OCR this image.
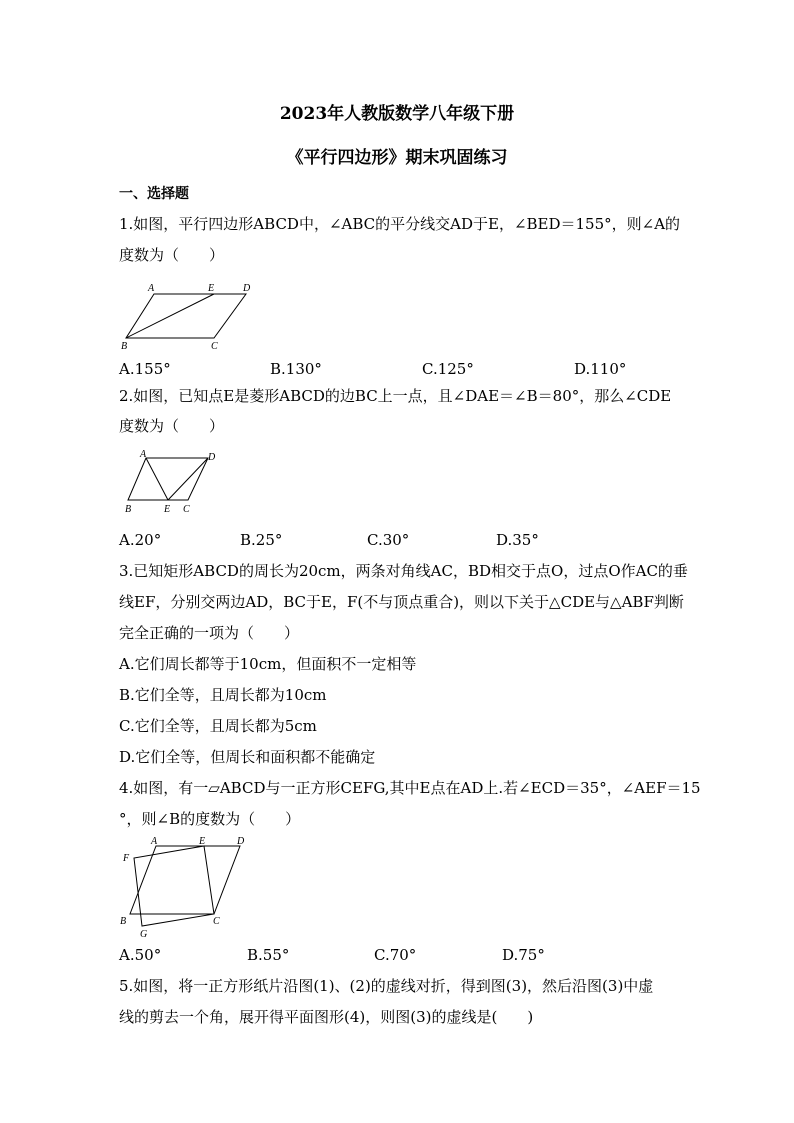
2023年人教版数学八年级下册
《平行四边形》期末巩固练习
一、选择题
1.如图，平行四边形ABCD中，∠ABC的平分线交AD于E，∠BED＝155°，则∠A的
度数为（　　）
A	E	D
B	C
A.155°	B.130°	C.125°	D.110°
2.如图，已知点E是菱形ABCD的边BC上一点，且∠DAE＝∠B＝80°，那么∠CDE
度数为（　　）
A	D
B	E C
A.20°	B.25°	C.30°	D.35°
3.已知矩形ABCD的周长为20cm，两条对角线AC，BD相交于点O，过点O作AC的垂
线EF，分别交两边AD，BC于E，F(不与顶点重合)，则以下关于△CDE与△ABF判断
完全正确的一项为（　　）
A.它们周长都等于10cm，但面积不一定相等
B.它们全等，且周长都为10cm
C.它们全等，且周长都为5cm
D.它们全等，但周长和面积都不能确定
4.如图，有一▱ABCD与一正方形CEFG,其中E点在AD上.若∠ECD＝35°，∠AEF＝15
°，则∠B的度数为（　　）
A	E	D
F
B	C
G
A.50°	B.55°	C.70°	D.75°
5.如图，将一正方形纸片沿图(1)、(2)的虚线对折，得到图(3)，然后沿图(3)中虚
线的剪去一个角，展开得平面图形(4)，则图(3)的虚线是(　　)
